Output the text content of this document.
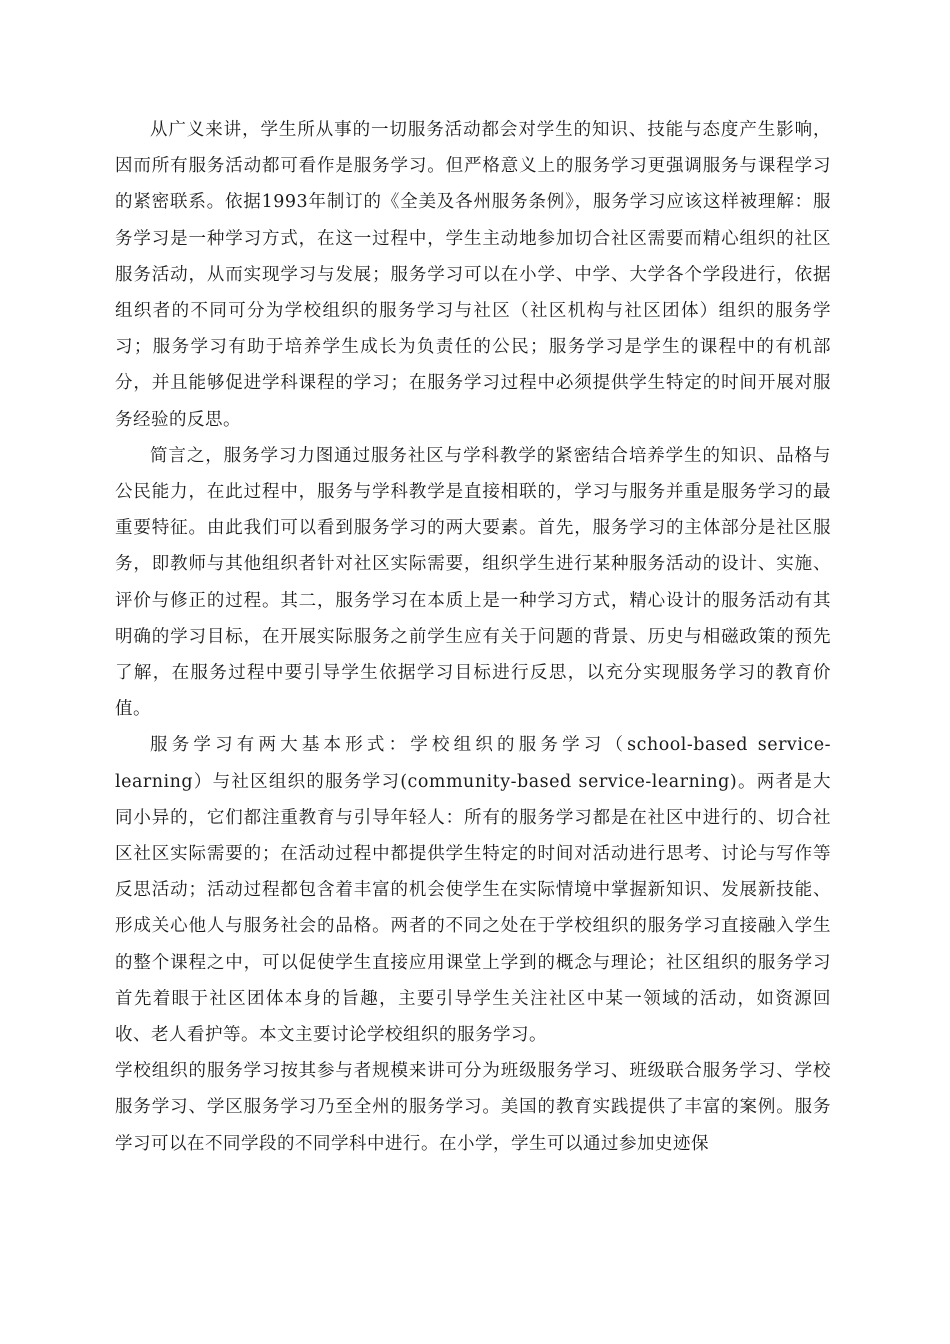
从广义来讲，学生所从事的一切服务活动都会对学生的知识、技能与态度产生影响，因而所有服务活动都可看作是服务学习。但严格意义上的服务学习更强调服务与课程学习的紧密联系。依据1993年制订的《全美及各州服务条例》，服务学习应该这样被理解：服务学习是一种学习方式，在这一过程中，学生主动地参加切合社区需要而精心组织的社区服务活动，从而实现学习与发展；服务学习可以在小学、中学、大学各个学段进行，依据组织者的不同可分为学校组织的服务学习与社区（社区机构与社区团体）组织的服务学习；服务学习有助于培养学生成长为负责任的公民；服务学习是学生的课程中的有机部分，并且能够促进学科课程的学习；在服务学习过程中必须提供学生特定的时间开展对服务经验的反思。

简言之，服务学习力图通过服务社区与学科教学的紧密结合培养学生的知识、品格与公民能力，在此过程中，服务与学科教学是直接相联的，学习与服务并重是服务学习的最重要特征。由此我们可以看到服务学习的两大要素。首先，服务学习的主体部分是社区服务，即教师与其他组织者针对社区实际需要，组织学生进行某种服务活动的设计、实施、评价与修正的过程。其二，服务学习在本质上是一种学习方式，精心设计的服务活动有其明确的学习目标，在开展实际服务之前学生应有关于问题的背景、历史与相磁政策的预先了解，在服务过程中要引导学生依据学习目标进行反思，以充分实现服务学习的教育价值。

服务学习有两大基本形式：学校组织的服务学习（school-based service-learning）与社区组织的服务学习(community-based service-learning)。两者是大同小异的，它们都注重教育与引导年轻人：所有的服务学习都是在社区中进行的、切合社区社区实际需要的；在活动过程中都提供学生特定的时间对活动进行思考、讨论与写作等反思活动；活动过程都包含着丰富的机会使学生在实际情境中掌握新知识、发展新技能、形成关心他人与服务社会的品格。两者的不同之处在于学校组织的服务学习直接融入学生的整个课程之中，可以促使学生直接应用课堂上学到的概念与理论；社区组织的服务学习首先着眼于社区团体本身的旨趣，主要引导学生关注社区中某一领域的活动，如资源回收、老人看护等。本文主要讨论学校组织的服务学习。

学校组织的服务学习按其参与者规模来讲可分为班级服务学习、班级联合服务学习、学校服务学习、学区服务学习乃至全州的服务学习。美国的教育实践提供了丰富的案例。服务学习可以在不同学段的不同学科中进行。在小学，学生可以通过参加史迹保
